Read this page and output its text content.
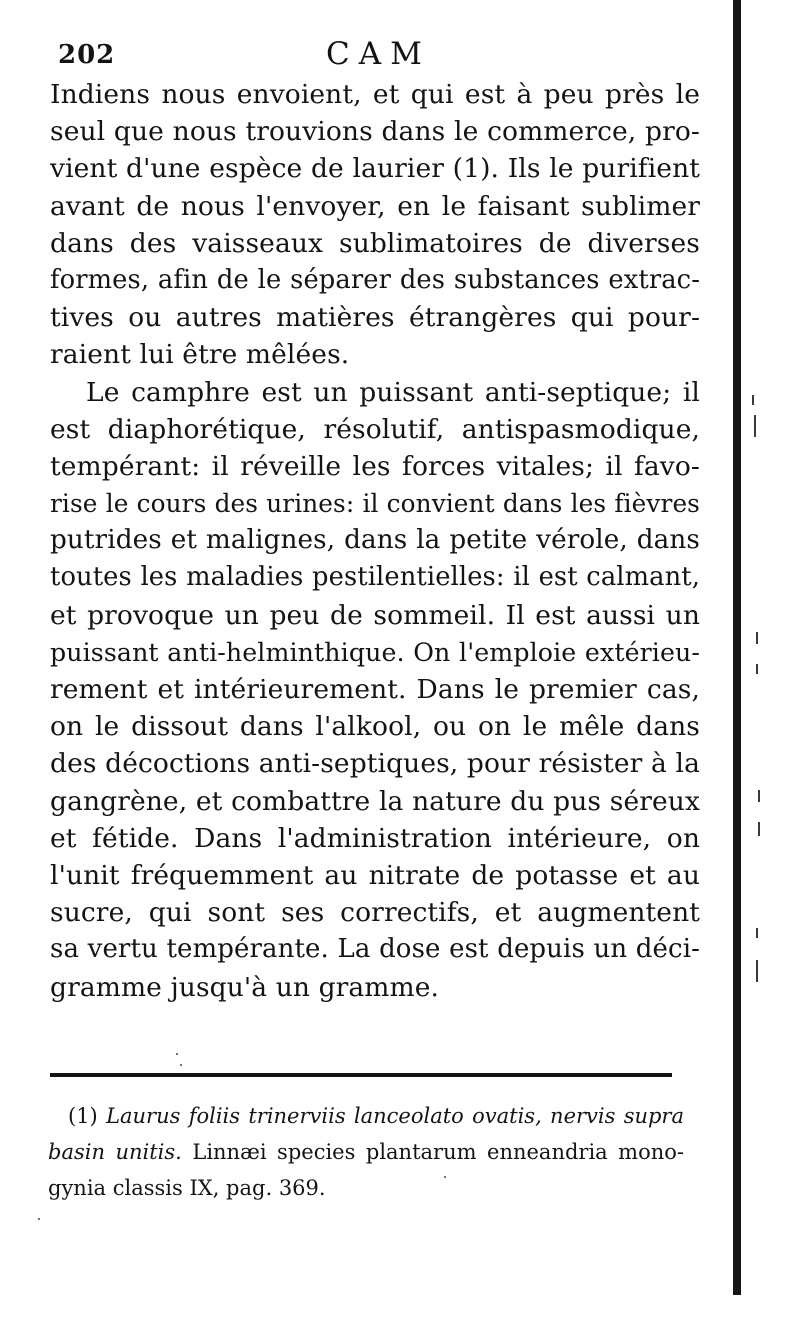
202	CAM
Indiens nous envoient, et qui est à peu près le
seul que nous trouvions dans le commerce, pro-
vient d'une espèce de laurier (1). Ils le purifient
avant de nous l'envoyer, en le faisant sublimer
dans des vaisseaux sublimatoires de diverses
formes, afin de le séparer des substances extrac-
tives ou autres matières étrangères qui pour-
raient lui être mêlées.
Le camphre est un puissant anti-septique; il
est diaphorétique, résolutif, antispasmodique,
tempérant: il réveille les forces vitales; il favo-
rise le cours des urines: il convient dans les fièvres
putrides et malignes, dans la petite vérole, dans
toutes les maladies pestilentielles: il est calmant,
et provoque un peu de sommeil. Il est aussi un
puissant anti-helminthique. On l'emploie extérieu-
rement et intérieurement. Dans le premier cas,
on le dissout dans l'alkool, ou on le mêle dans
des décoctions anti-septiques, pour résister à la
gangrène, et combattre la nature du pus séreux
et fétide. Dans l'administration intérieure, on
l'unit fréquemment au nitrate de potasse et au
sucre, qui sont ses correctifs, et augmentent
sa vertu tempérante. La dose est depuis un déci-
gramme jusqu'à un gramme.
(1) Laurus foliis trinerviis lanceolato ovatis, nervis supra
basin unitis. Linnæi species plantarum enneandria mono-
gynia classis IX, pag. 369.
